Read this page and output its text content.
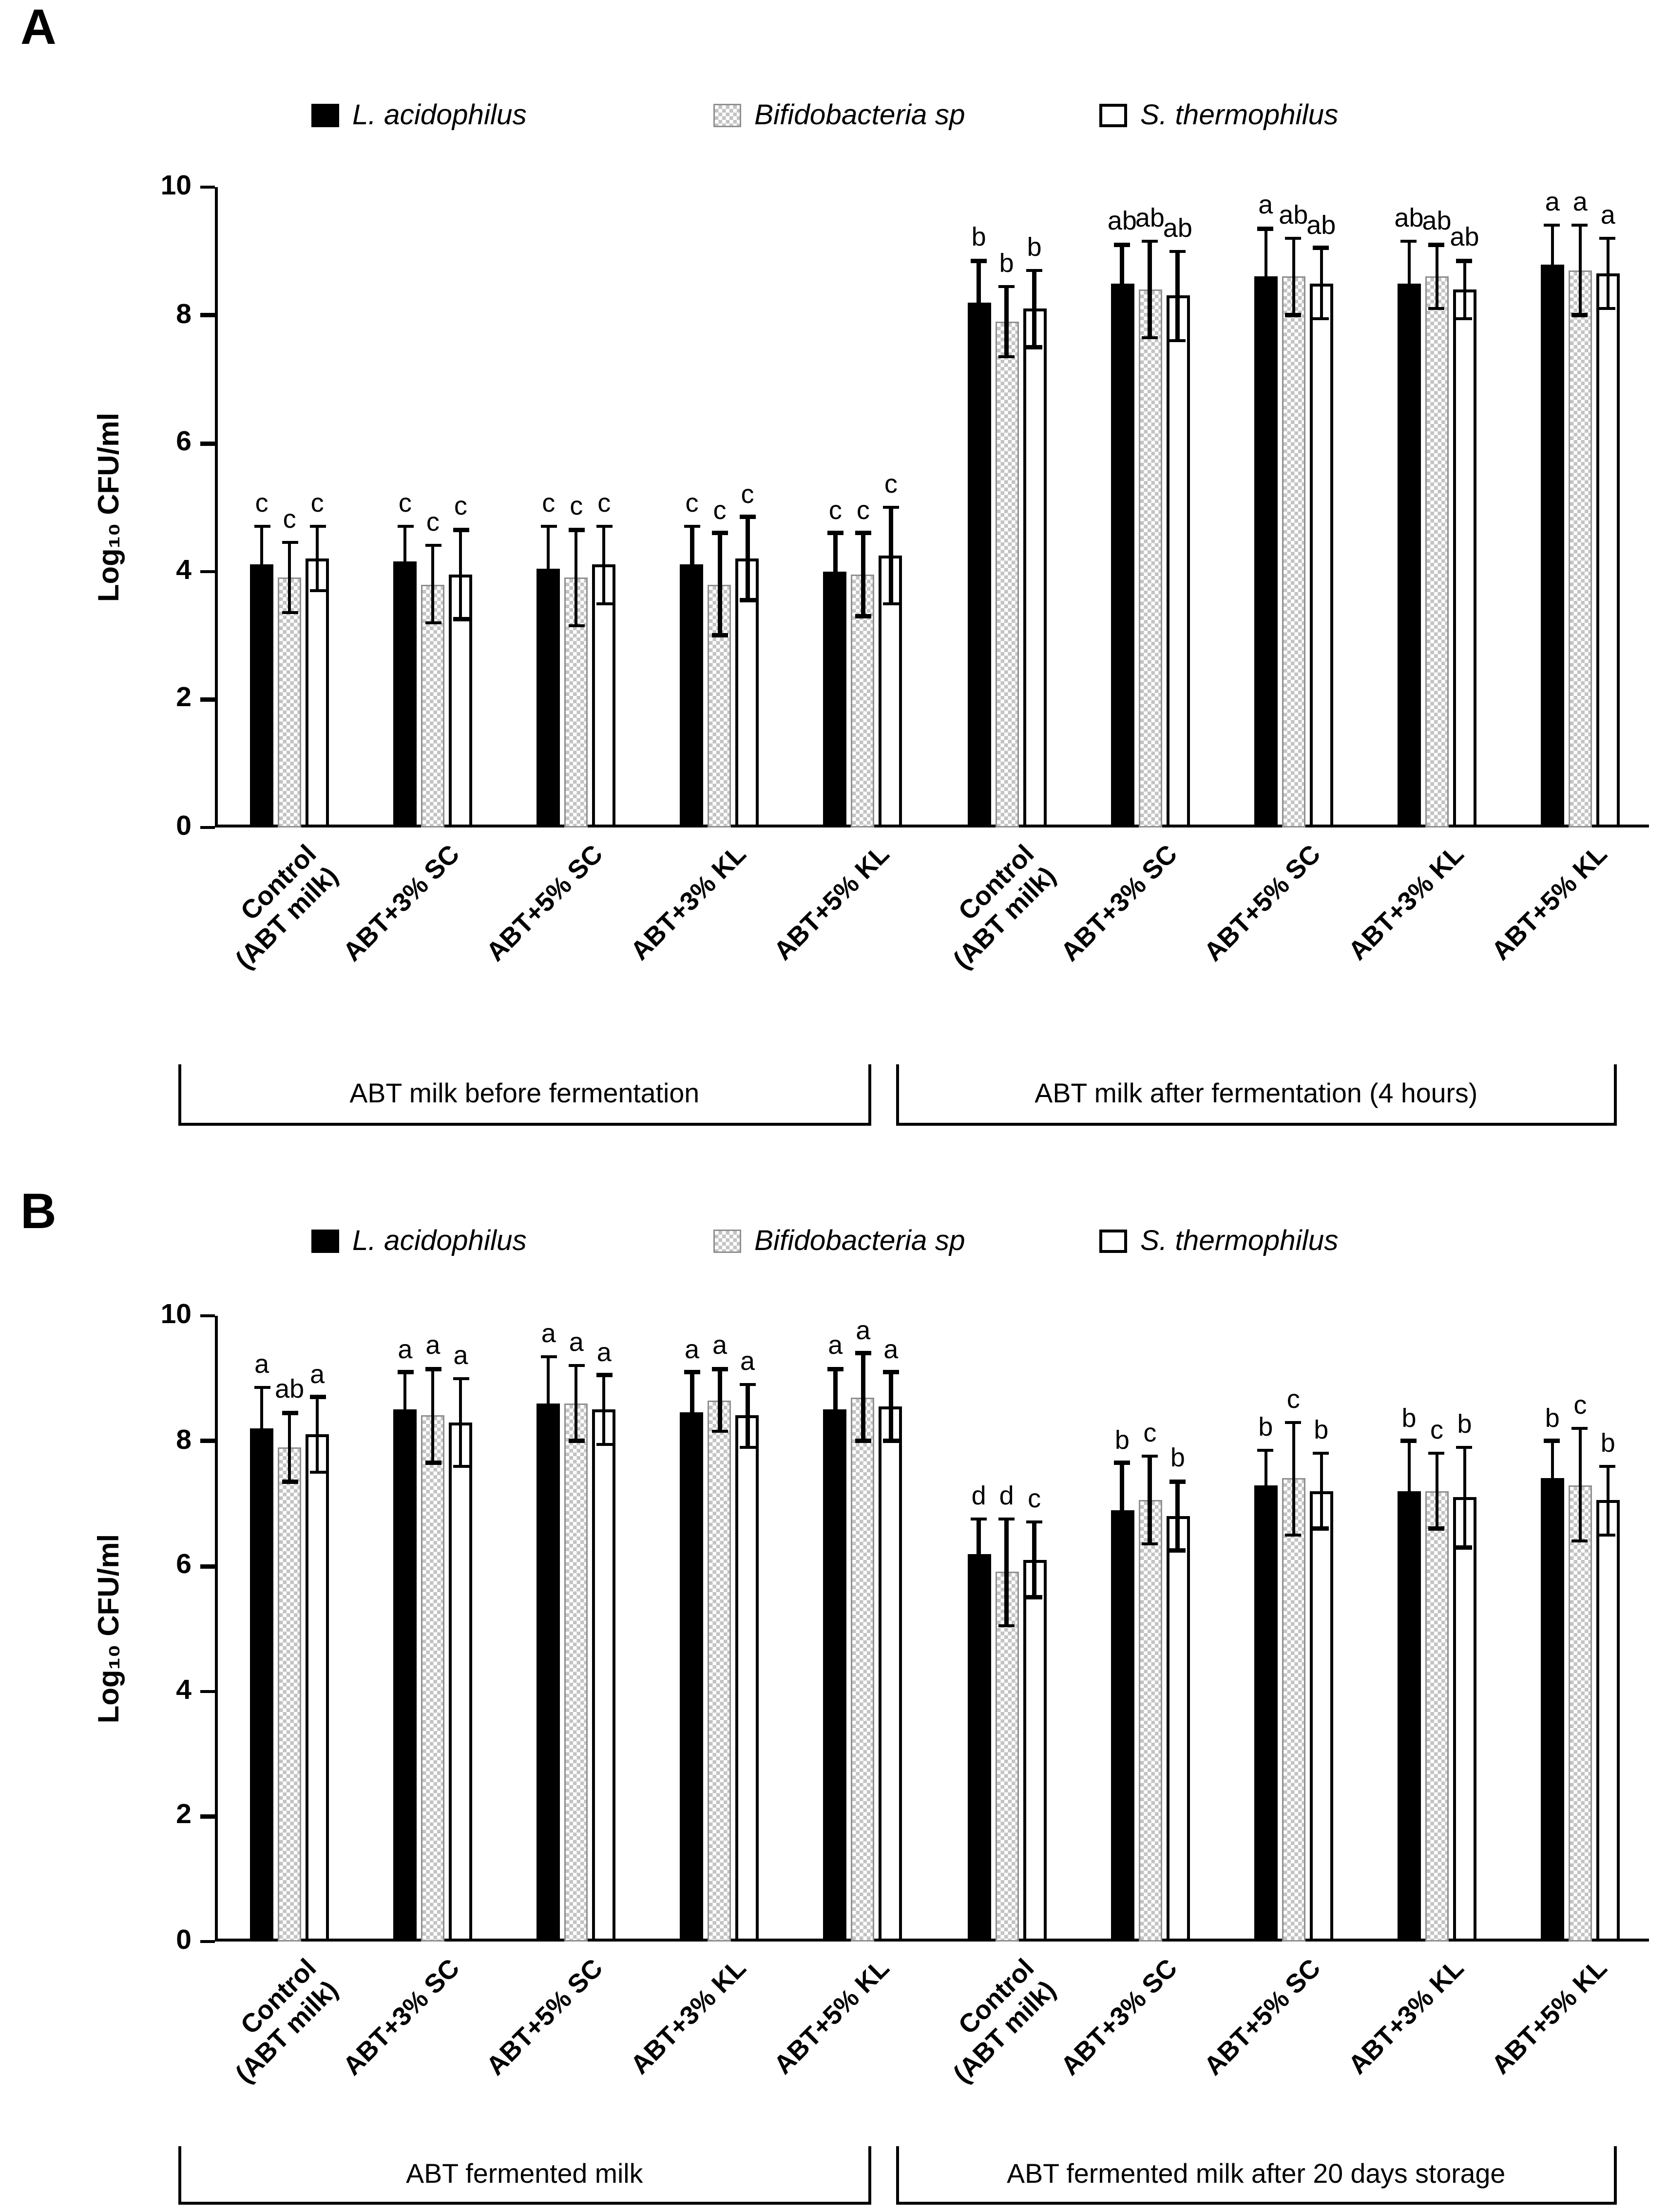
A
L. acidophilus	Bifidobacteria sp	S. thermophilus
Log₁₀ CFU/ml
0
2
4
6
8
10
c
c
c	c
c
c	c	c	c	c	c
c
c	c
c
b
b
b
ab
ab
ab
a ab
ab	ab
ab
ab
a	a	a
Control
(ABT milk)
ABT+3% SC	ABT+5% SC	ABT+3% KL	ABT+5% KL	Control
(ABT milk)
ABT+3% SC	ABT+5% SC	ABT+3% KL	ABT+5% KL
ABT milk before fermentation	ABT milk after fermentation (4 hours)
B
L. acidophilus	Bifidobacteria sp	S. thermophilus
Log₁₀ CFU/ml
0
2
4
6
8
10
a
ab
a
a	a	a
a	a	a	a	a
a
a
a
a
d	d	c
b	c
b
b
c
b	b	c	b	b	c
b
Control
(ABT milk)
ABT+3% SC	ABT+5% SC	ABT+3% KL	ABT+5% KL	Control
(ABT milk)
ABT+3% SC	ABT+5% SC	ABT+3% KL	ABT+5% KL
ABT fermented milk	ABT fermented milk after 20 days storage
